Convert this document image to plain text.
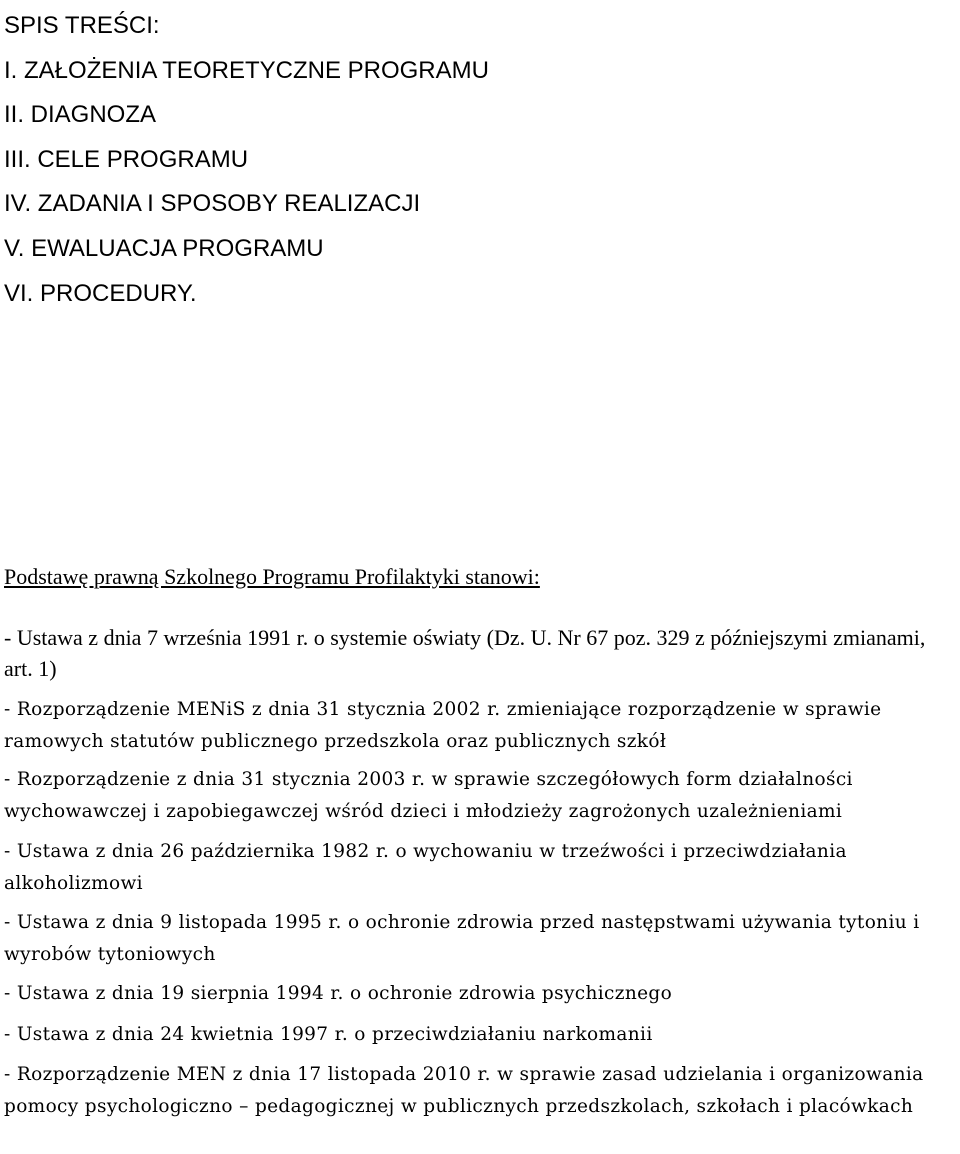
SPIS TREŚCI:
I. ZAŁOŻENIA TEORETYCZNE PROGRAMU
II. DIAGNOZA
III. CELE PROGRAMU
IV. ZADANIA I SPOSOBY REALIZACJI
V. EWALUACJA PROGRAMU
VI. PROCEDURY.
Podstawę prawną Szkolnego Programu Profilaktyki stanowi:
- Ustawa z dnia 7 września 1991 r. o systemie oświaty (Dz. U. Nr 67 poz. 329 z późniejszymi zmianami, art. 1)
- Rozporządzenie MENiS z dnia 31 stycznia 2002 r. zmieniające rozporządzenie w sprawie ramowych statutów publicznego przedszkola oraz publicznych szkół
- Rozporządzenie z dnia 31 stycznia 2003 r. w sprawie szczegółowych form działalności wychowawczej i zapobiegawczej wśród dzieci i młodzieży zagrożonych uzależnieniami
- Ustawa z dnia 26 października 1982 r. o wychowaniu w trzeźwości i przeciwdziałania alkoholizmowi
- Ustawa z dnia 9 listopada 1995 r. o ochronie zdrowia przed następstwami używania tytoniu i wyrobów tytoniowych
- Ustawa z dnia 19 sierpnia 1994 r. o ochronie zdrowia psychicznego
- Ustawa z dnia 24 kwietnia 1997 r. o przeciwdziałaniu narkomanii
- Rozporządzenie MEN z dnia 17 listopada 2010 r. w sprawie zasad udzielania i organizowania pomocy psychologiczno – pedagogicznej w publicznych przedszkolach, szkołach i placówkach
